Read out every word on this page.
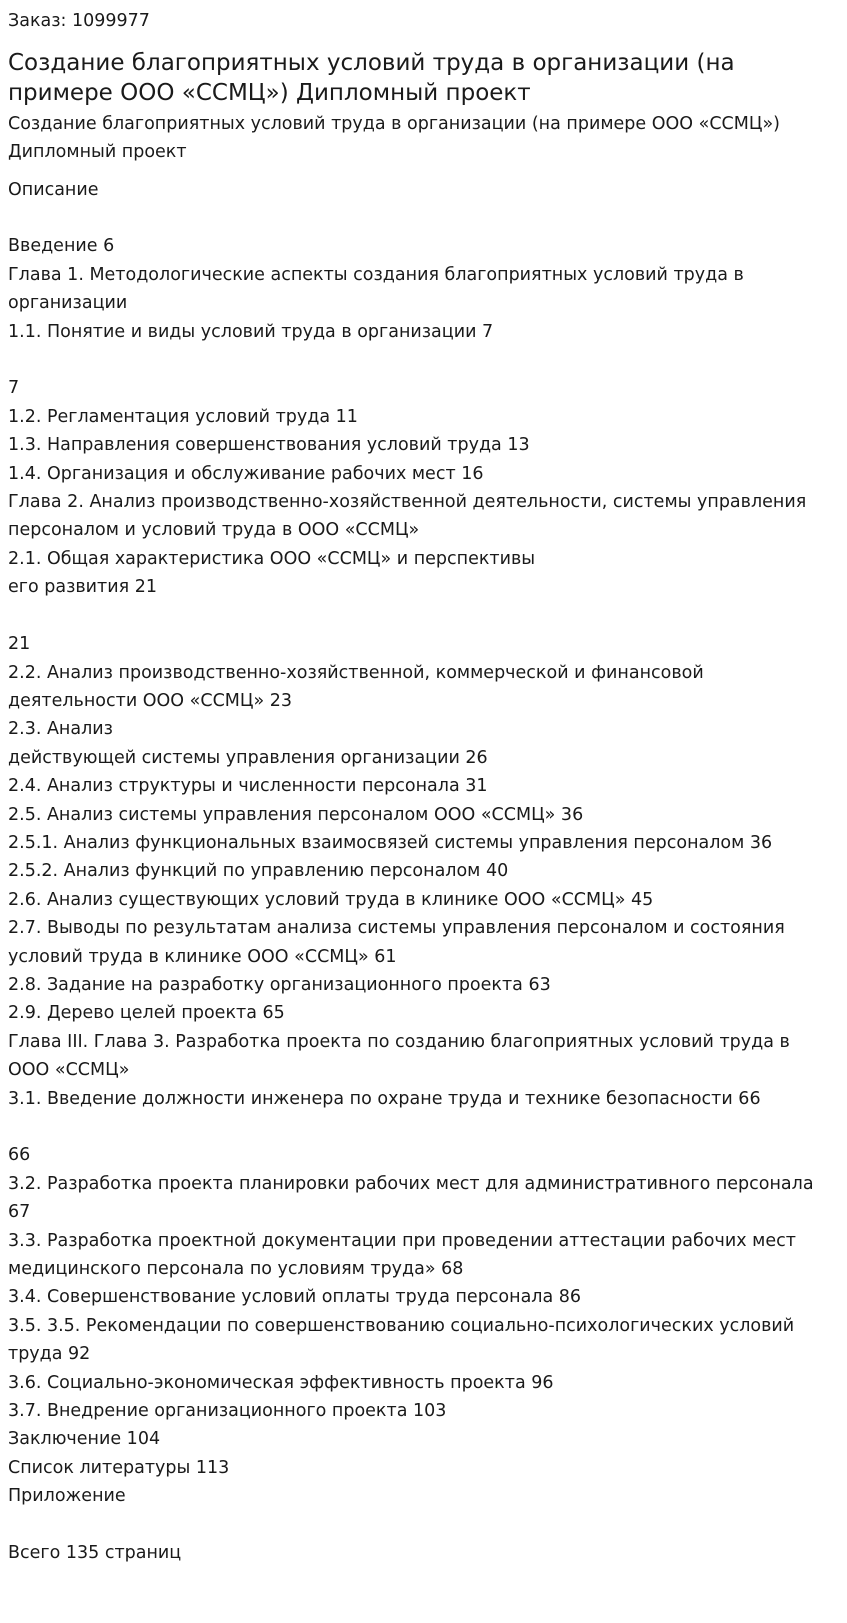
Заказ: 1099977
Создание благоприятных условий труда в организации (на примере ООО «ССМЦ») Дипломный проект
Создание благоприятных условий труда в организации (на примере ООО «ССМЦ») Дипломный проект
Описание

Введение 6
Глава 1. Методологические аспекты создания благоприятных условий труда в организации
1.1. Понятие и виды условий труда в организации 7

7
1.2. Регламентация условий труда 11
1.3. Направления совершенствования условий труда 13
1.4. Организация и обслуживание рабочих мест 16
Глава 2. Анализ производственно-хозяйственной деятельности, системы управления персоналом и условий труда в ООО «ССМЦ»
2.1. Общая характеристика ООО «ССМЦ» и перспективы
его развития 21

21
2.2. Анализ производственно-хозяйственной, коммерческой и финансовой деятельности ООО «ССМЦ» 23
2.3. Анализ
действующей системы управления организации 26
2.4. Анализ структуры и численности персонала 31
2.5. Анализ системы управления персоналом ООО «ССМЦ» 36
2.5.1. Анализ функциональных взаимосвязей системы управления персоналом 36
2.5.2. Анализ функций по управлению персоналом 40
2.6. Анализ существующих условий труда в клинике ООО «ССМЦ» 45
2.7. Выводы по результатам анализа системы управления персоналом и состояния условий труда в клинике ООО «ССМЦ» 61
2.8. Задание на разработку организационного проекта 63
2.9. Дерево целей проекта 65
Глава III. Глава 3. Разработка проекта по созданию благоприятных условий труда в ООО «ССМЦ»
3.1. Введение должности инженера по охране труда и технике безопасности 66

66
3.2. Разработка проекта планировки рабочих мест для административного персонала 67
3.3. Разработка проектной документации при проведении аттестации рабочих мест медицинского персонала по условиям труда» 68
3.4. Совершенствование условий оплаты труда персонала 86
3.5. 3.5. Рекомендации по совершенствованию социально-психологических условий труда 92
3.6. Социально-экономическая эффективность проекта 96
3.7. Внедрение организационного проекта 103
Заключение 104
Список литературы 113
Приложение

Всего 135 страниц
